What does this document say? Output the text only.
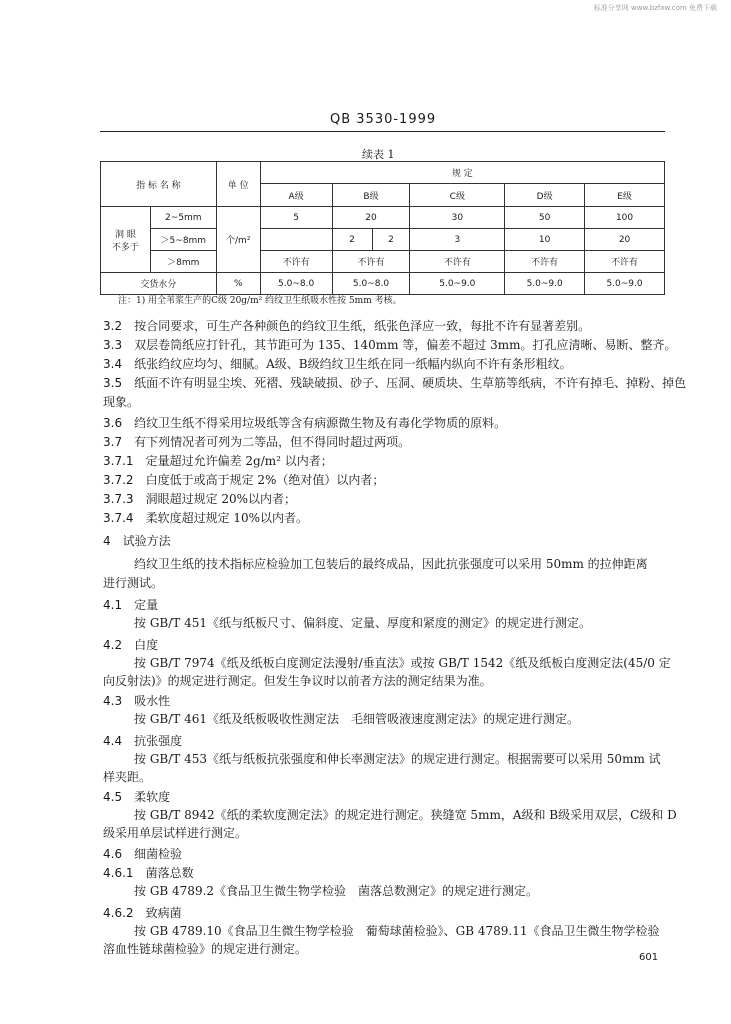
标准分享网 www.bzfxw.com 免费下载
QB 3530-1999
续表 1
指 标 名 称		单 位	规 定					
			A级	B级		C级	D级	E级

洞 眼
不多于	2~5mm	个/m²	5	20		30	50	100
	＞5~8mm			2	2	3	10	20
	＞8mm		不许有	不许有		不许有	不许有	不许有
交货水分		%	5.0~8.0	5.0~8.0		5.0~9.0	5.0~9.0	5.0~9.0
注：1) 用全苇浆生产的C级 20g/m² 绉纹卫生纸吸水性按 5mm 考核。
3.2　 按合同要求，可生产各种颜色的绉纹卫生纸，纸张色泽应一致，每批不许有显著差别。
3.3　 双层卷筒纸应打针孔，其节距可为 135、140mm 等，偏差不超过 3mm。打孔应清晰、易断、整齐。
3.4　 纸张绉纹应均匀、细腻。A级、B级绉纹卫生纸在同一纸幅内纵向不许有条形粗纹。
3.5　 纸面不许有明显尘埃、死褶、残缺破损、砂子、压洞、硬质块、生草筋等纸病，不许有掉毛、掉粉、掉色
现象。
3.6　 绉纹卫生纸不得采用垃圾纸等含有病源微生物及有毒化学物质的原料。
3.7　 有下列情况者可列为二等品，但不得同时超过两项。
3.7.1　 定量超过允许偏差 2g/m² 以内者；
3.7.2　 白度低于或高于规定 2%（绝对值）以内者；
3.7.3　 洞眼超过规定 20%以内者；
3.7.4　 柔软度超过规定 10%以内者。
4　试验方法
绉纹卫生纸的技术指标应检验加工包装后的最终成品，因此抗张强度可以采用 50mm 的拉伸距离
进行测试。
4.1　 定量
按 GB/T 451《纸与纸板尺寸、偏斜度、定量、厚度和紧度的测定》的规定进行测定。
4.2　 白度
按 GB/T 7974《纸及纸板白度测定法漫射/垂直法》或按 GB/T 1542《纸及纸板白度测定法(45/0 定
向反射法)》的规定进行测定。但发生争议时以前者方法的测定结果为准。
4.3　 吸水性
按 GB/T 461《纸及纸板吸收性测定法　毛细管吸液速度测定法》的规定进行测定。
4.4　 抗张强度
按 GB/T 453《纸与纸板抗张强度和伸长率测定法》的规定进行测定。根据需要可以采用 50mm 试
样夹距。
4.5　 柔软度
按 GB/T 8942《纸的柔软度测定法》的规定进行测定。狭缝宽 5mm，A级和 B级采用双层，C级和 D
级采用单层试样进行测定。
4.6　 细菌检验
4.6.1　 菌落总数
按 GB 4789.2《食品卫生微生物学检验　菌落总数测定》的规定进行测定。
4.6.2　 致病菌
按 GB 4789.10《食品卫生微生物学检验　葡萄球菌检验》、GB 4789.11《食品卫生微生物学检验
溶血性链球菌检验》的规定进行测定。
601
